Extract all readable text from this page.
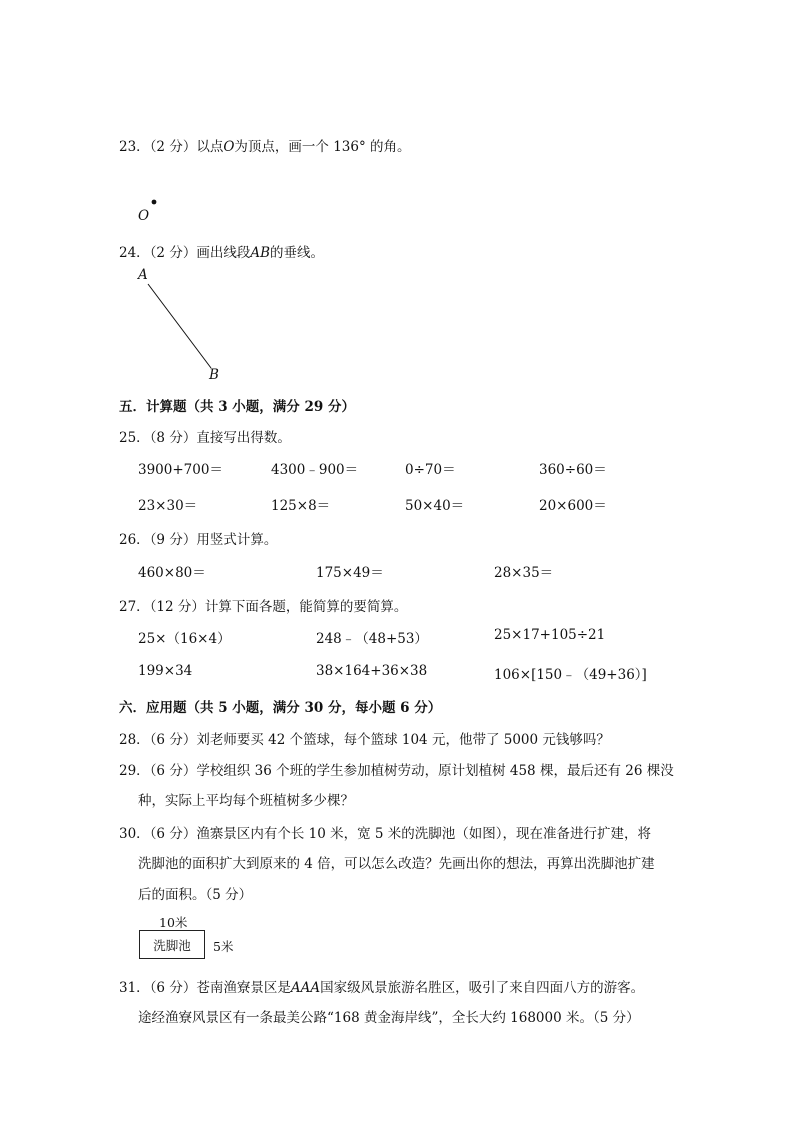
23．（2 分）以点O为顶点，画一个 136° 的角。
O
24．（2 分）画出线段AB的垂线。
A
B
五．计算题（共 3 小题，满分 29 分）
25．（8 分）直接写出得数。
3900+700＝	4300﹣900＝	0÷70＝	360÷60＝
23×30＝	125×8＝	50×40＝	20×600＝
26．（9 分）用竖式计算。
460×80＝	175×49＝	28×35＝
27．（12 分）计算下面各题，能简算的要简算。
25×（16×4）	248﹣（48+53）	25×17+105÷21
199×34	38×164+36×38	106×[150﹣（49+36）]
六．应用题（共 5 小题，满分 30 分，每小题 6 分）
28．（6 分）刘老师要买 42 个篮球，每个篮球 104 元，他带了 5000 元钱够吗？
29．（6 分）学校组织 36 个班的学生参加植树劳动，原计划植树 458 棵，最后还有 26 棵没
种，实际上平均每个班植树多少棵？
30．（6 分）渔寨景区内有个长 10 米，宽 5 米的洗脚池（如图），现在准备进行扩建，将
洗脚池的面积扩大到原来的 4 倍，可以怎么改造？先画出你的想法，再算出洗脚池扩建
后的面积。（5 分）
10米
洗脚池 5米
31．（6 分）苍南渔寮景区是AAA国家级风景旅游名胜区，吸引了来自四面八方的游客。
途经渔寮风景区有一条最美公路“168 黄金海岸线”，全长大约 168000 米。（5 分）
